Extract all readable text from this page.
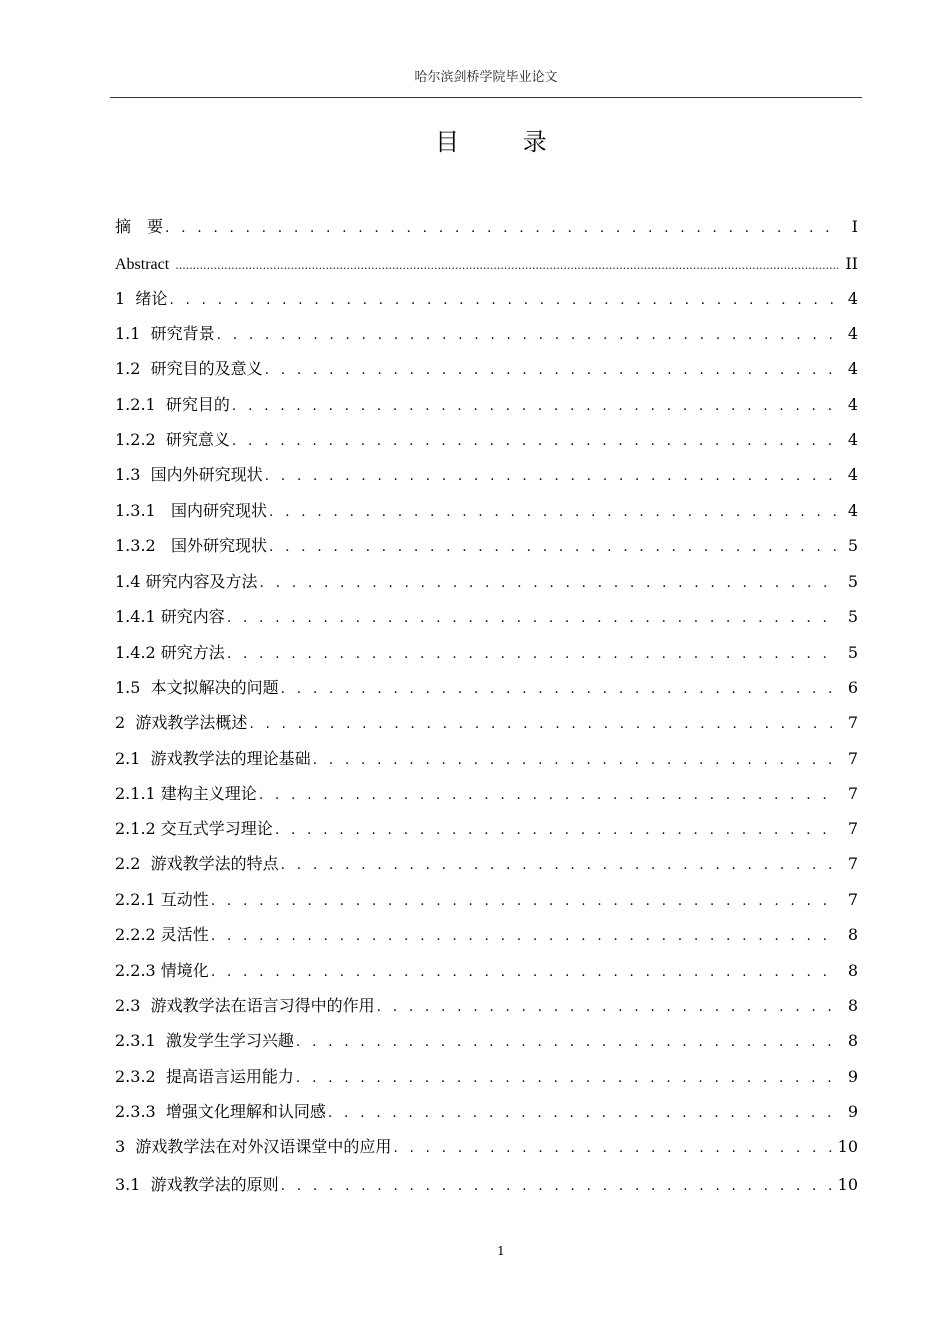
哈尔滨剑桥学院毕业论文
目 录
摘　要 . . .	I
Abstract .....	II
1  绪论 . . .	4
1.1  研究背景 . . .	4
1.2  研究目的及意义 . . .	4
1.2.1  研究目的 . . .	4
1.2.2  研究意义 . . .	4
1.3  国内外研究现状 . . .	4
1.3.1   国内研究现状 . . .	4
1.3.2   国外研究现状 . . .	5
1.4 研究内容及方法 . . .	5
1.4.1 研究内容 . . .	5
1.4.2 研究方法 . . .	5
1.5  本文拟解决的问题 . . .	6
2  游戏教学法概述 . . .	7
2.1  游戏教学法的理论基础 . . .	7
2.1.1 建构主义理论 . . .	7
2.1.2 交互式学习理论 . . .	7
2.2  游戏教学法的特点 . . .	7
2.2.1 互动性 . . .	7
2.2.2 灵活性 . . .	8
2.2.3 情境化 . . .	8
2.3  游戏教学法在语言习得中的作用 . . .	8
2.3.1  激发学生学习兴趣 . . .	8
2.3.2  提高语言运用能力 . . .	9
2.3.3  增强文化理解和认同感 . . .	9
3  游戏教学法在对外汉语课堂中的应用 . . .	10
3.1  游戏教学法的原则 . . .	10
1
